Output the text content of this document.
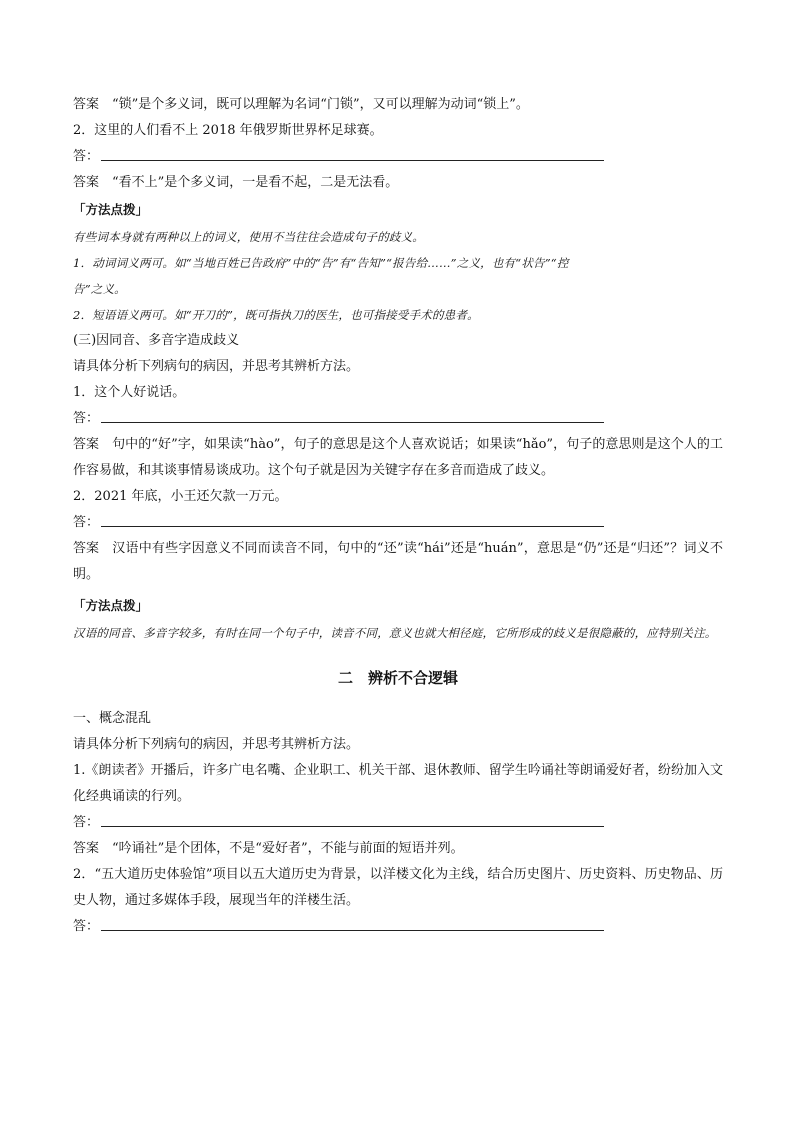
答案 “锁”是个多义词，既可以理解为名词“门锁”，又可以理解为动词“锁上”。
2．这里的人们看不上 2018 年俄罗斯世界杯足球赛。
答：
答案 “看不上”是个多义词，一是看不起，二是无法看。
「方法点拨」
有些词本身就有两种以上的词义，使用不当往往会造成句子的歧义。
1．动词词义两可。如“当地百姓已告政府”中的“告”有“告知”“报告给……”之义，也有“状告”“控
告”之义。
2．短语语义两可。如“开刀的”，既可指执刀的医生，也可指接受手术的患者。
(三)因同音、多音字造成歧义
请具体分析下列病句的病因，并思考其辨析方法。
1．这个人好说话。
答：
答案 句中的“好”字，如果读“hào”，句子的意思是这个人喜欢说话；如果读“hǎo”，句子的意思则是这个人的工作容易做，和其谈事情易谈成功。这个句子就是因为关键字存在多音而造成了歧义。
2．2021 年底，小王还欠款一万元。
答：
答案 汉语中有些字因意义不同而读音不同，句中的“还”读“hái”还是“huán”，意思是“仍”还是“归还”？词义不明。
「方法点拨」
汉语的同音、多音字较多，有时在同一个句子中，读音不同，意义也就大相径庭，它所形成的歧义是很隐蔽的，应特别关注。
二　辨析不合逻辑
一、概念混乱
请具体分析下列病句的病因，并思考其辨析方法。
1.《朗读者》开播后，许多广电名嘴、企业职工、机关干部、退休教师、留学生吟诵社等朗诵爱好者，纷纷加入文化经典诵读的行列。
答：
答案 “吟诵社”是个团体，不是“爱好者”，不能与前面的短语并列。
2．“五大道历史体验馆”项目以五大道历史为背景，以洋楼文化为主线，结合历史图片、历史资料、历史物品、历史人物，通过多媒体手段，展现当年的洋楼生活。
答：
